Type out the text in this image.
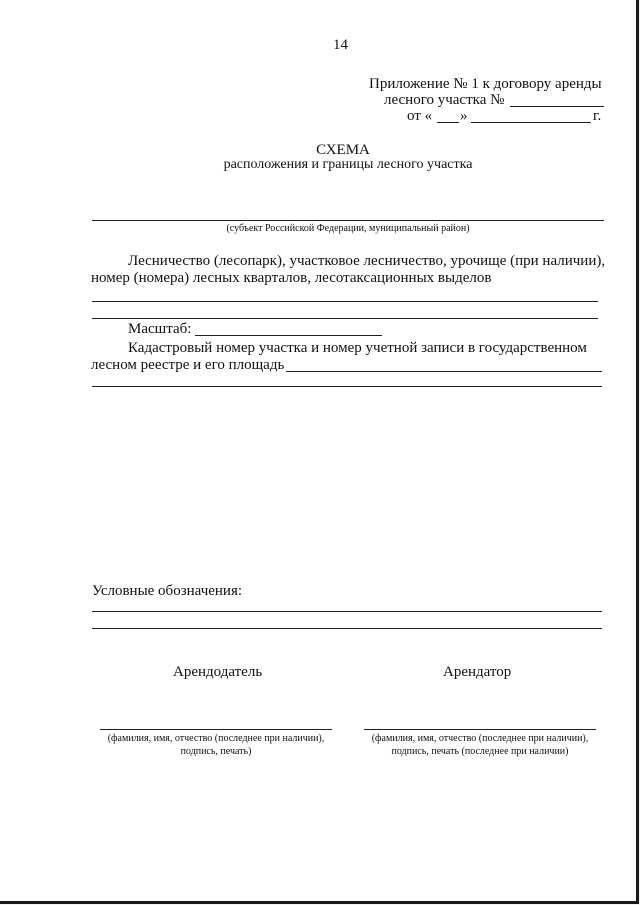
14
Приложение № 1 к договору аренды
лесного участка №
от « »	г.
СХЕМА
расположения и границы лесного участка
(субъект Российской Федерации, муниципальный район)
Лесничество (лесопарк), участковое лесничество, урочище (при наличии),
номер (номера) лесных кварталов, лесотаксационных выделов
Масштаб:
Кадастровый номер участка и номер учетной записи в государственном
лесном реестре и его площадь
Условные обозначения:
Арендодатель	Арендатор
(фамилия, имя, отчество (последнее при наличии),
подпись, печать)
(фамилия, имя, отчество (последнее при наличии),
подпись, печать (последнее при наличии)
